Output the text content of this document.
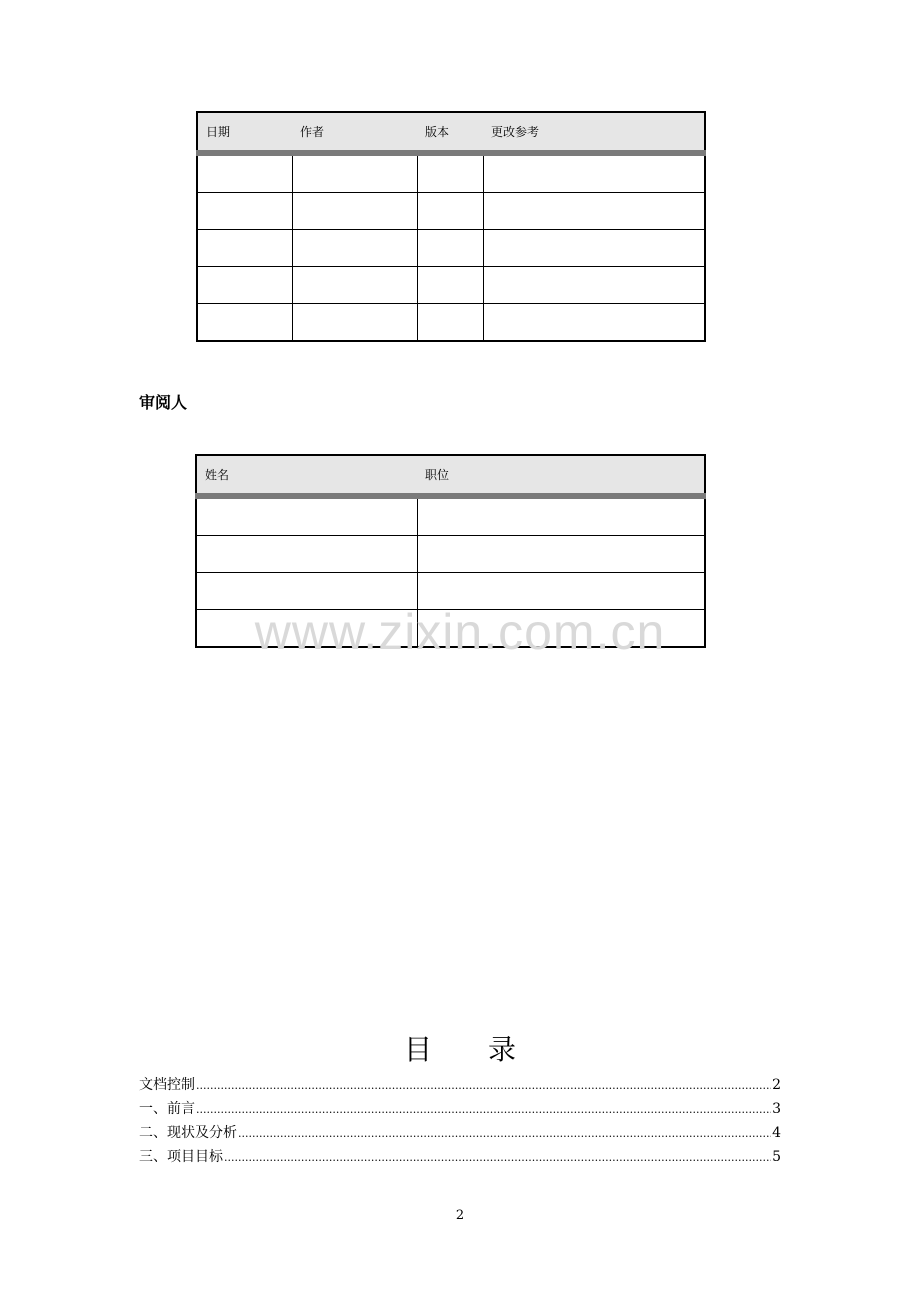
日期	作者	版本	更改参考

审阅人
姓名	职位

www.zixin.com.cn
目 录
文档控制 .....	2
一、前言 .....	3
二、现状及分析 .....	4
三、项目目标 .....	5
2
